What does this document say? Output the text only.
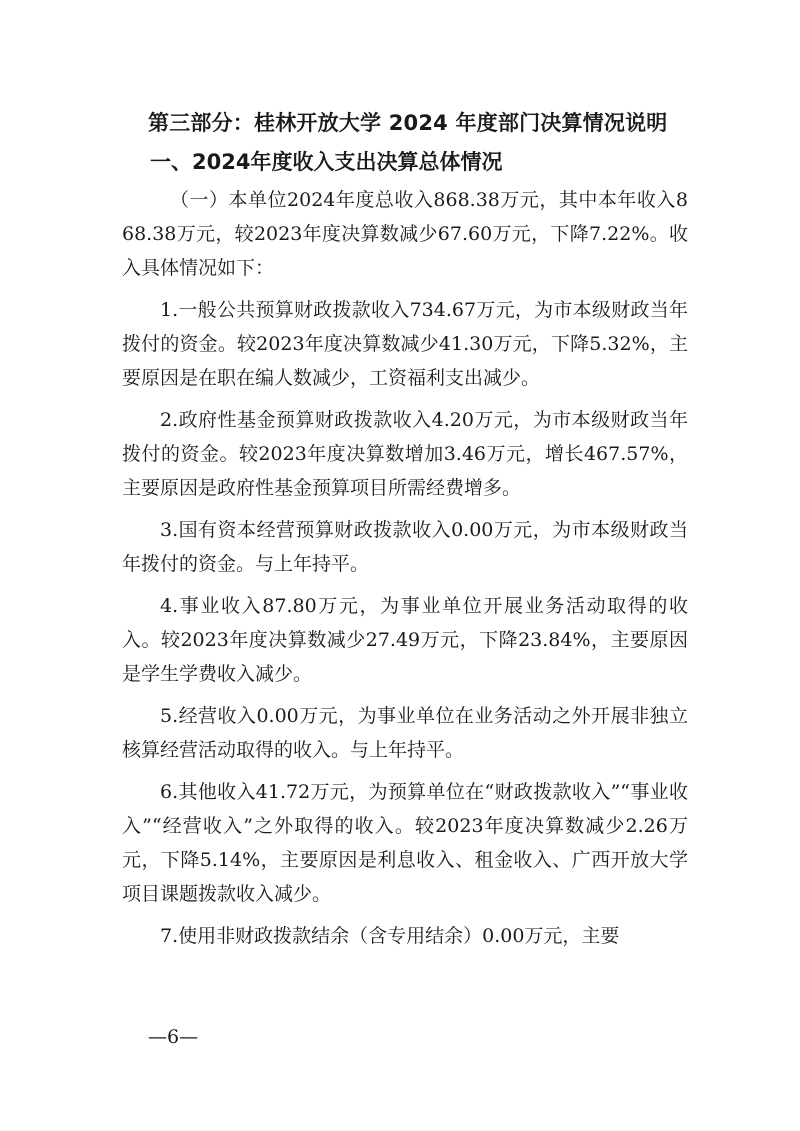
第三部分：桂林开放大学 2024 年度部门决算情况说明
一、2024年度收入支出决算总体情况

（一）本单位2024年度总收入868.38万元，其中本年收入868.38万元，较2023年度决算数减少67.60万元，下降7.22%。收入具体情况如下：

1.一般公共预算财政拨款收入734.67万元，为市本级财政当年拨付的资金。较2023年度决算数减少41.30万元，下降5.32%，主要原因是在职在编人数减少，工资福利支出减少。

2.政府性基金预算财政拨款收入4.20万元，为市本级财政当年拨付的资金。较2023年度决算数增加3.46万元，增长467.57%，主要原因是政府性基金预算项目所需经费增多。

3.国有资本经营预算财政拨款收入0.00万元，为市本级财政当年拨付的资金。与上年持平。

4.事业收入87.80万元，为事业单位开展业务活动取得的收入。较2023年度决算数减少27.49万元，下降23.84%，主要原因是学生学费收入减少。

5.经营收入0.00万元，为事业单位在业务活动之外开展非独立核算经营活动取得的收入。与上年持平。

6.其他收入41.72万元，为预算单位在“财政拨款收入”“事业收入”“经营收入”之外取得的收入。较2023年度决算数减少2.26万元，下降5.14%，主要原因是利息收入、租金收入、广西开放大学项目课题拨款收入减少。

7.使用非财政拨款结余（含专用结余）0.00万元，主要

—6—
